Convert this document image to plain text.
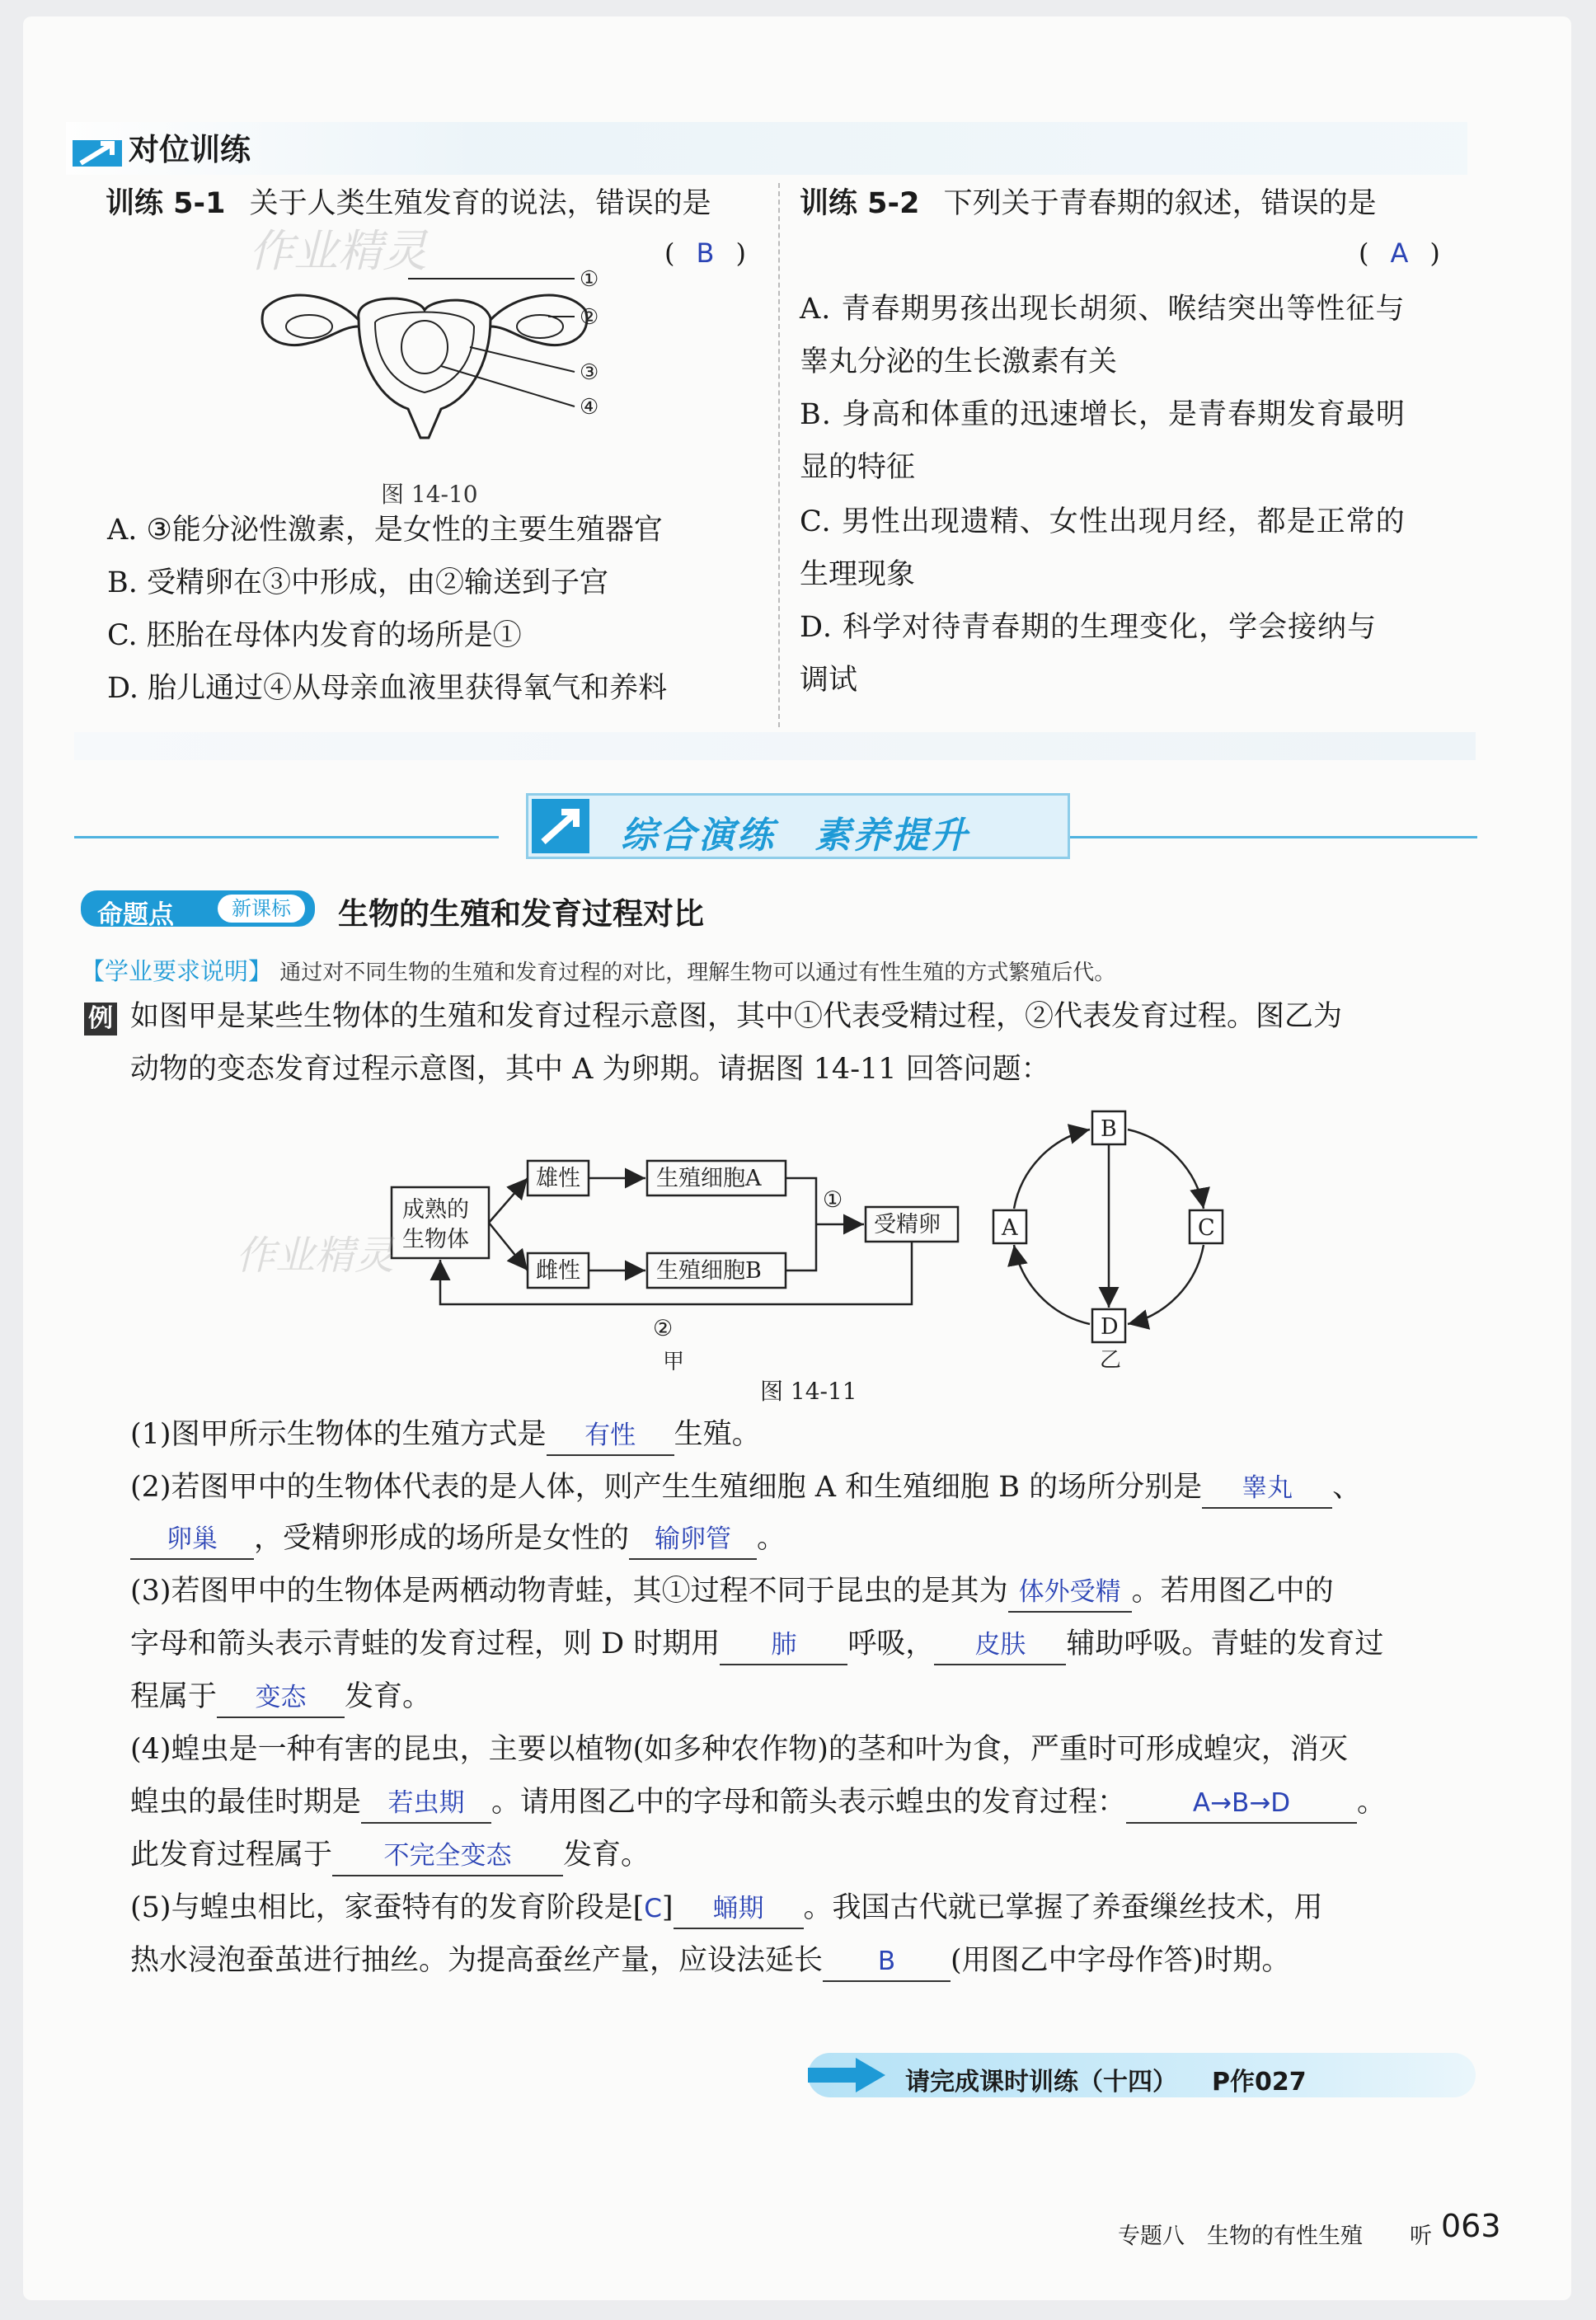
对位训练
训练 5-1 关于人类生殖发育的说法，错误的是
( B )
①
②
③
④
作业精灵
图 14-10
A. ③能分泌性激素，是女性的主要生殖器官
B. 受精卵在③中形成，由②输送到子宫
C. 胚胎在母体内发育的场所是①
D. 胎儿通过④从母亲血液里获得氧气和养料
训练 5-2 下列关于青春期的叙述，错误的是
( A )
A. 青春期男孩出现长胡须、喉结突出等性征与
睾丸分泌的生长激素有关
B. 身高和体重的迅速增长，是青春期发育最明
显的特征
C. 男性出现遗精、女性出现月经，都是正常的
生理现象
D. 科学对待青春期的生理变化，学会接纳与
调试
综合演练　素养提升
命题点	新课标	生物的生殖和发育过程对比
【学业要求说明】 通过对不同生物的生殖和发育过程的对比，理解生物可以通过有性生殖的方式繁殖后代。
例 如图甲是某些生物体的生殖和发育过程示意图，其中①代表受精过程，②代表发育过程。图乙为
动物的变态发育过程示意图，其中 A 为卵期。请据图 14-11 回答问题：
成熟的
生物体
雄性
雌性
生殖细胞A
生殖细胞B
受精卵
①
②
甲
B
A	C
D
乙
图 14-11
作业精灵
(1)图甲所示生物体的生殖方式是 有性 生殖。
(2)若图甲中的生物体代表的是人体，则产生生殖细胞 A 和生殖细胞 B 的场所分别是 睾丸 、
卵巢 ，受精卵形成的场所是女性的 输卵管 。
(3)若图甲中的生物体是两栖动物青蛙，其①过程不同于昆虫的是其为 体外受精 。若用图乙中的
字母和箭头表示青蛙的发育过程，则 D 时期用 肺 呼吸， 皮肤 辅助呼吸。青蛙的发育过
程属于 变态 发育。
(4)蝗虫是一种有害的昆虫，主要以植物(如多种农作物)的茎和叶为食，严重时可形成蝗灾，消灭
蝗虫的最佳时期是 若虫期 。请用图乙中的字母和箭头表示蝗虫的发育过程：	A→B→D 。
此发育过程属于 不完全变态 发育。
(5)与蝗虫相比，家蚕特有的发育阶段是[C] 蛹期 。我国古代就已掌握了养蚕缫丝技术，用
热水浸泡蚕茧进行抽丝。为提高蚕丝产量，应设法延长 B (用图乙中字母作答)时期。
请完成课时训练（十四） P作027
专题八　生物的有性生殖 听 063
